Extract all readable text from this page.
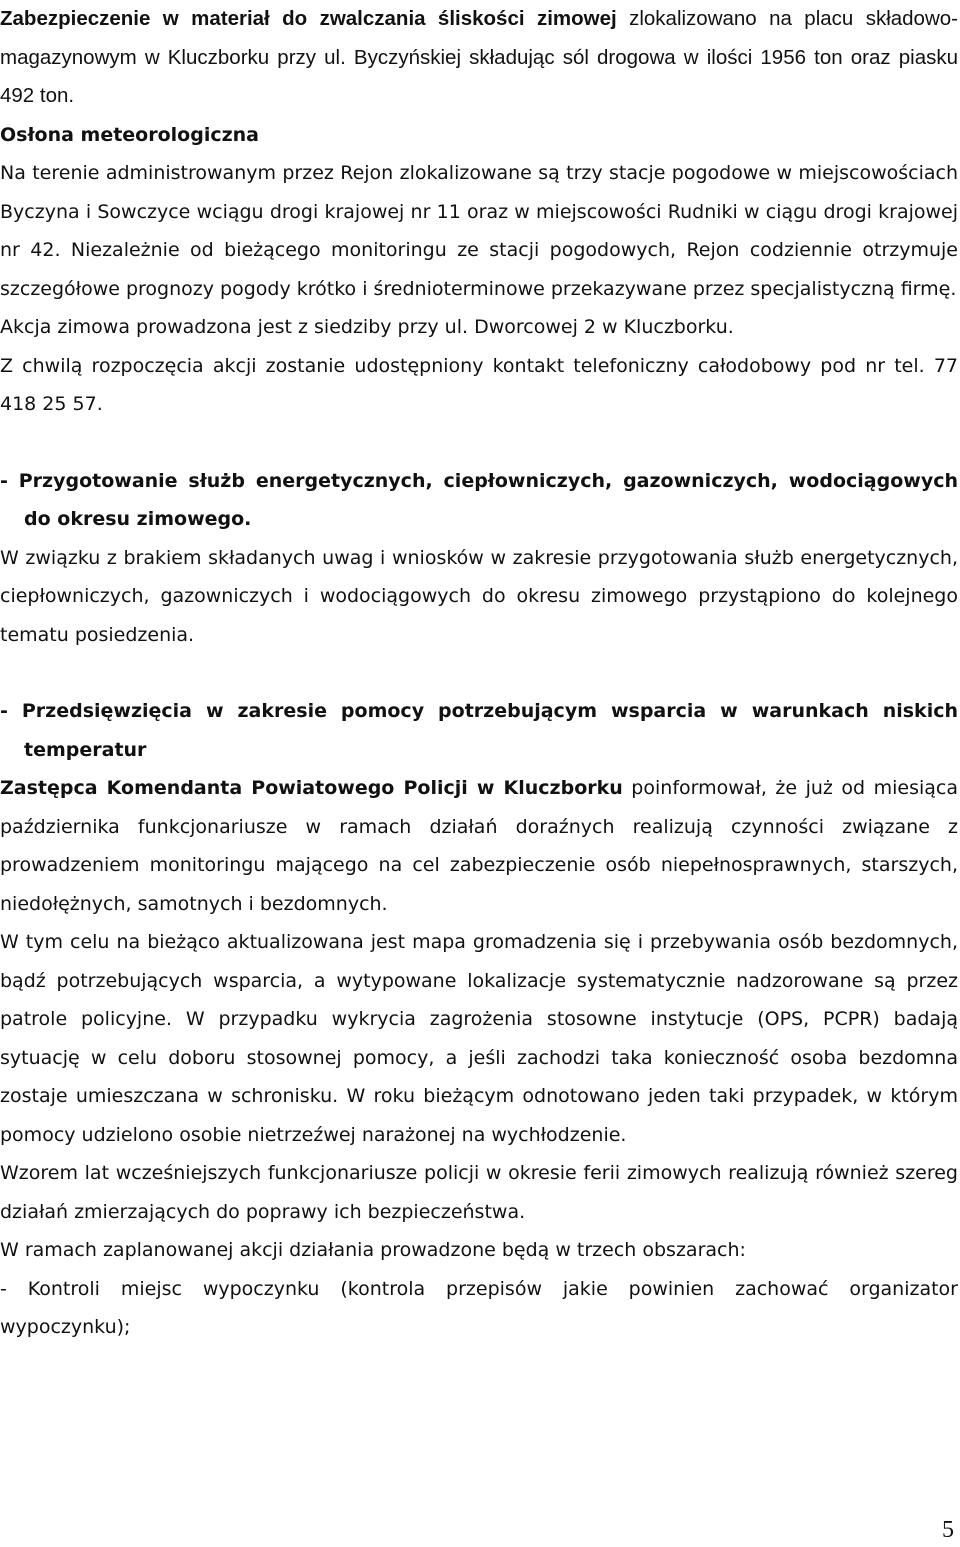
Zabezpieczenie w materiał do zwalczania śliskości zimowej zlokalizowano na placu składowo-magazynowym w Kluczborku przy ul. Byczyńskiej składując sól drogowa w ilości 1956 ton oraz piasku 492 ton.

Osłona meteorologiczna

Na terenie administrowanym przez Rejon zlokalizowane są trzy stacje pogodowe w miejscowościach Byczyna i Sowczyce wciągu drogi krajowej nr 11 oraz w miejscowości Rudniki w ciągu drogi krajowej nr 42. Niezależnie od bieżącego monitoringu ze stacji pogodowych, Rejon codziennie otrzymuje szczegółowe prognozy pogody krótko i średnioterminowe przekazywane przez specjalistyczną firmę.

Akcja zimowa prowadzona jest z siedziby przy ul. Dworcowej 2 w Kluczborku.

Z chwilą rozpoczęcia akcji zostanie udostępniony kontakt telefoniczny całodobowy pod nr tel. 77 418 25 57.

- Przygotowanie służb energetycznych, ciepłowniczych, gazowniczych, wodociągowych do okresu zimowego.

W związku z brakiem składanych uwag i wniosków w zakresie przygotowania służb energetycznych, ciepłowniczych, gazowniczych i wodociągowych do okresu zimowego przystąpiono do kolejnego tematu posiedzenia.

- Przedsięwzięcia w zakresie pomocy potrzebującym wsparcia w warunkach niskich temperatur

Zastępca Komendanta Powiatowego Policji w Kluczborku poinformował, że już od miesiąca października funkcjonariusze w ramach działań doraźnych realizują czynności związane z prowadzeniem monitoringu mającego na cel zabezpieczenie osób niepełnosprawnych, starszych, niedołężnych, samotnych i bezdomnych.

W tym celu na bieżąco aktualizowana jest mapa gromadzenia się i przebywania osób bezdomnych, bądź potrzebujących wsparcia, a wytypowane lokalizacje systematycznie nadzorowane są przez patrole policyjne. W przypadku wykrycia zagrożenia stosowne instytucje (OPS, PCPR) badają sytuację w celu doboru stosownej pomocy, a jeśli zachodzi taka konieczność osoba bezdomna zostaje umieszczana w schronisku. W roku bieżącym odnotowano jeden taki przypadek, w którym pomocy udzielono osobie nietrzeźwej narażonej na wychłodzenie.

Wzorem lat wcześniejszych funkcjonariusze policji w okresie ferii zimowych realizują również szereg działań zmierzających do poprawy ich bezpieczeństwa.

W ramach zaplanowanej akcji działania prowadzone będą w trzech obszarach:

- Kontroli miejsc wypoczynku (kontrola przepisów jakie powinien zachować organizator wypoczynku);

5
